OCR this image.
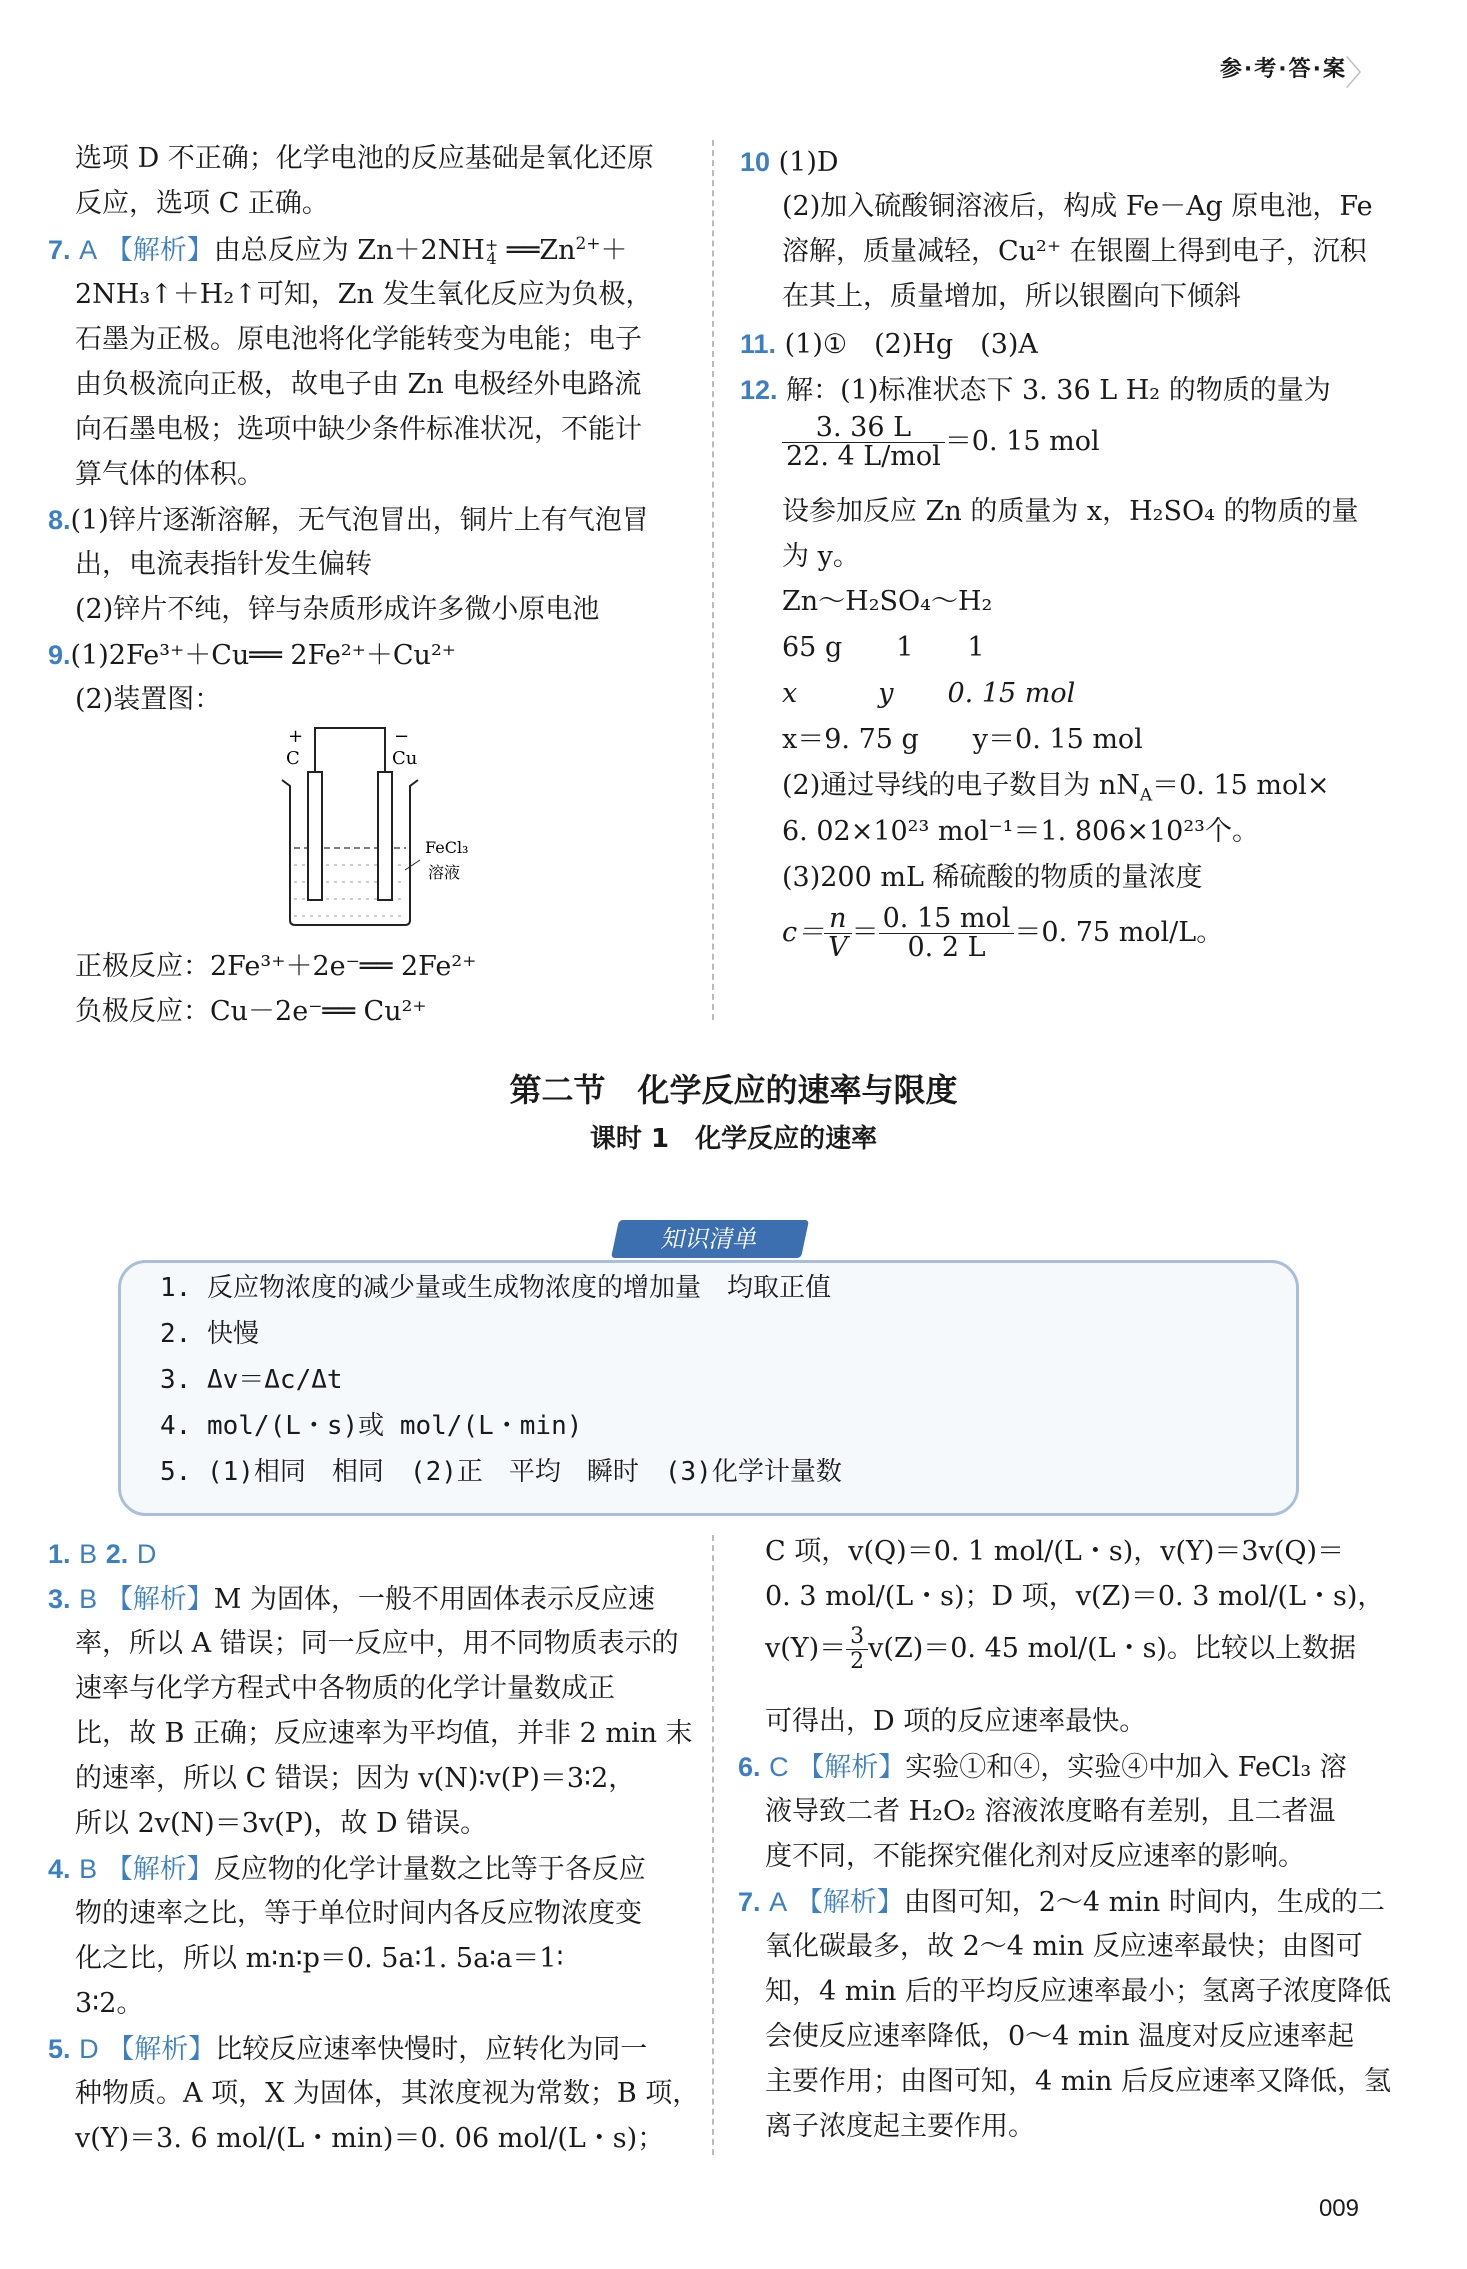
参·考·答·案
〉
选项 D 不正确；化学电池的反应基础是氧化还原
反应，选项 C 正确。
7. A 【解析】由总反应为 Zn＋2NH +
4 $══Zn^{2+}+$
2NH₃↑＋H₂↑可知，Zn 发生氧化反应为负极，
石墨为正极。原电池将化学能转变为电能；电子
由负极流向正极，故电子由 Zn 电极经外电路流
向石墨电极；选项中缺少条件标准状况，不能计
算气体的体积。
8.(1)锌片逐渐溶解，无气泡冒出，铜片上有气泡冒
出，电流表指针发生偏转
(2)锌片不纯，锌与杂质形成许多微小原电池
9.(1)2Fe³⁺＋Cu══ 2Fe²⁺＋Cu²⁺
(2)装置图：
+	−
C	Cu
FeCl₃
溶液
正极反应：2Fe³⁺＋2e⁻══ 2Fe²⁺
负极反应：Cu－2e⁻══ Cu²⁺
10 (1)D
(2)加入硫酸铜溶液后，构成 Fe－Ag 原电池，Fe
溶解，质量减轻，Cu²⁺ 在银圈上得到电子，沉积
在其上，质量增加，所以银圈向下倾斜
11. (1)①　(2)Hg　(3)A
12. 解：(1)标准状态下 3. 36 L H₂ 的物质的量为
$\frac{3. 36 L}{\text{22. 4 L/mol}} =0$. 15 mol
设参加反应 Zn 的质量为 x，H₂SO₄ 的物质的量
为 y。
Zn～H₂SO₄～H₂
65 g　　1　　1
x　　　y　　0. 15 mol
x＝9. 75 g　　y＝0. 15 mol
(2)通过导线的电子数目为 $nN_A=0$. 15 mol×
6. 02×10²³ mol⁻¹＝1. 806×10²³个。
(3)200 mL 稀硫酸的物质的量浓度
$c= \frac{n}{V} = \frac{\text{0. 15 mol}}{0. 2 L} =0$. 75 mol/L。
第二节　化学反应的速率与限度
课时 1　化学反应的速率
知识清单
1. 反应物浓度的减少量或生成物浓度的增加量　均取正值
2. 快慢
3. Δv＝Δc/Δt
4. mol/(L・s)或 mol/(L・min)
5. (1)相同　相同　(2)正　平均　瞬时　(3)化学计量数
1. B 2. D
3. B 【解析】M 为固体，一般不用固体表示反应速
率，所以 A 错误；同一反应中，用不同物质表示的
速率与化学方程式中各物质的化学计量数成正
比，故 B 正确；反应速率为平均值，并非 2 min 末
的速率，所以 C 错误；因为 v(N)∶v(P)＝3∶2，
所以 2v(N)＝3v(P)，故 D 错误。
4. B 【解析】反应物的化学计量数之比等于各反应
物的速率之比，等于单位时间内各反应物浓度变
化之比，所以 m∶n∶p＝0. 5a∶1. 5a∶a＝1∶
3∶2。
5. D 【解析】比较反应速率快慢时，应转化为同一
种物质。A 项，X 为固体，其浓度视为常数；B 项，
v(Y)＝3. 6 mol/(L・min)＝0. 06 mol/(L・s)；
C 项，v(Q)＝0. 1 mol/(L・s)，v(Y)＝3v(Q)＝
0. 3 mol/(L・s)；D 项，v(Z)＝0. 3 mol/(L・s)，
$v(Y)= \frac{3}{2} v(Z)=0$. 45 mol/(L・s)。比较以上数据
可得出，D 项的反应速率最快。
6. C 【解析】实验①和④，实验④中加入 FeCl₃ 溶
液导致二者 H₂O₂ 溶液浓度略有差别，且二者温
度不同，不能探究催化剂对反应速率的影响。
7. A 【解析】由图可知，2～4 min 时间内，生成的二
氧化碳最多，故 2～4 min 反应速率最快；由图可
知，4 min 后的平均反应速率最小；氢离子浓度降低
会使反应速率降低，0～4 min 温度对反应速率起
主要作用；由图可知，4 min 后反应速率又降低，氢
离子浓度起主要作用。
009
